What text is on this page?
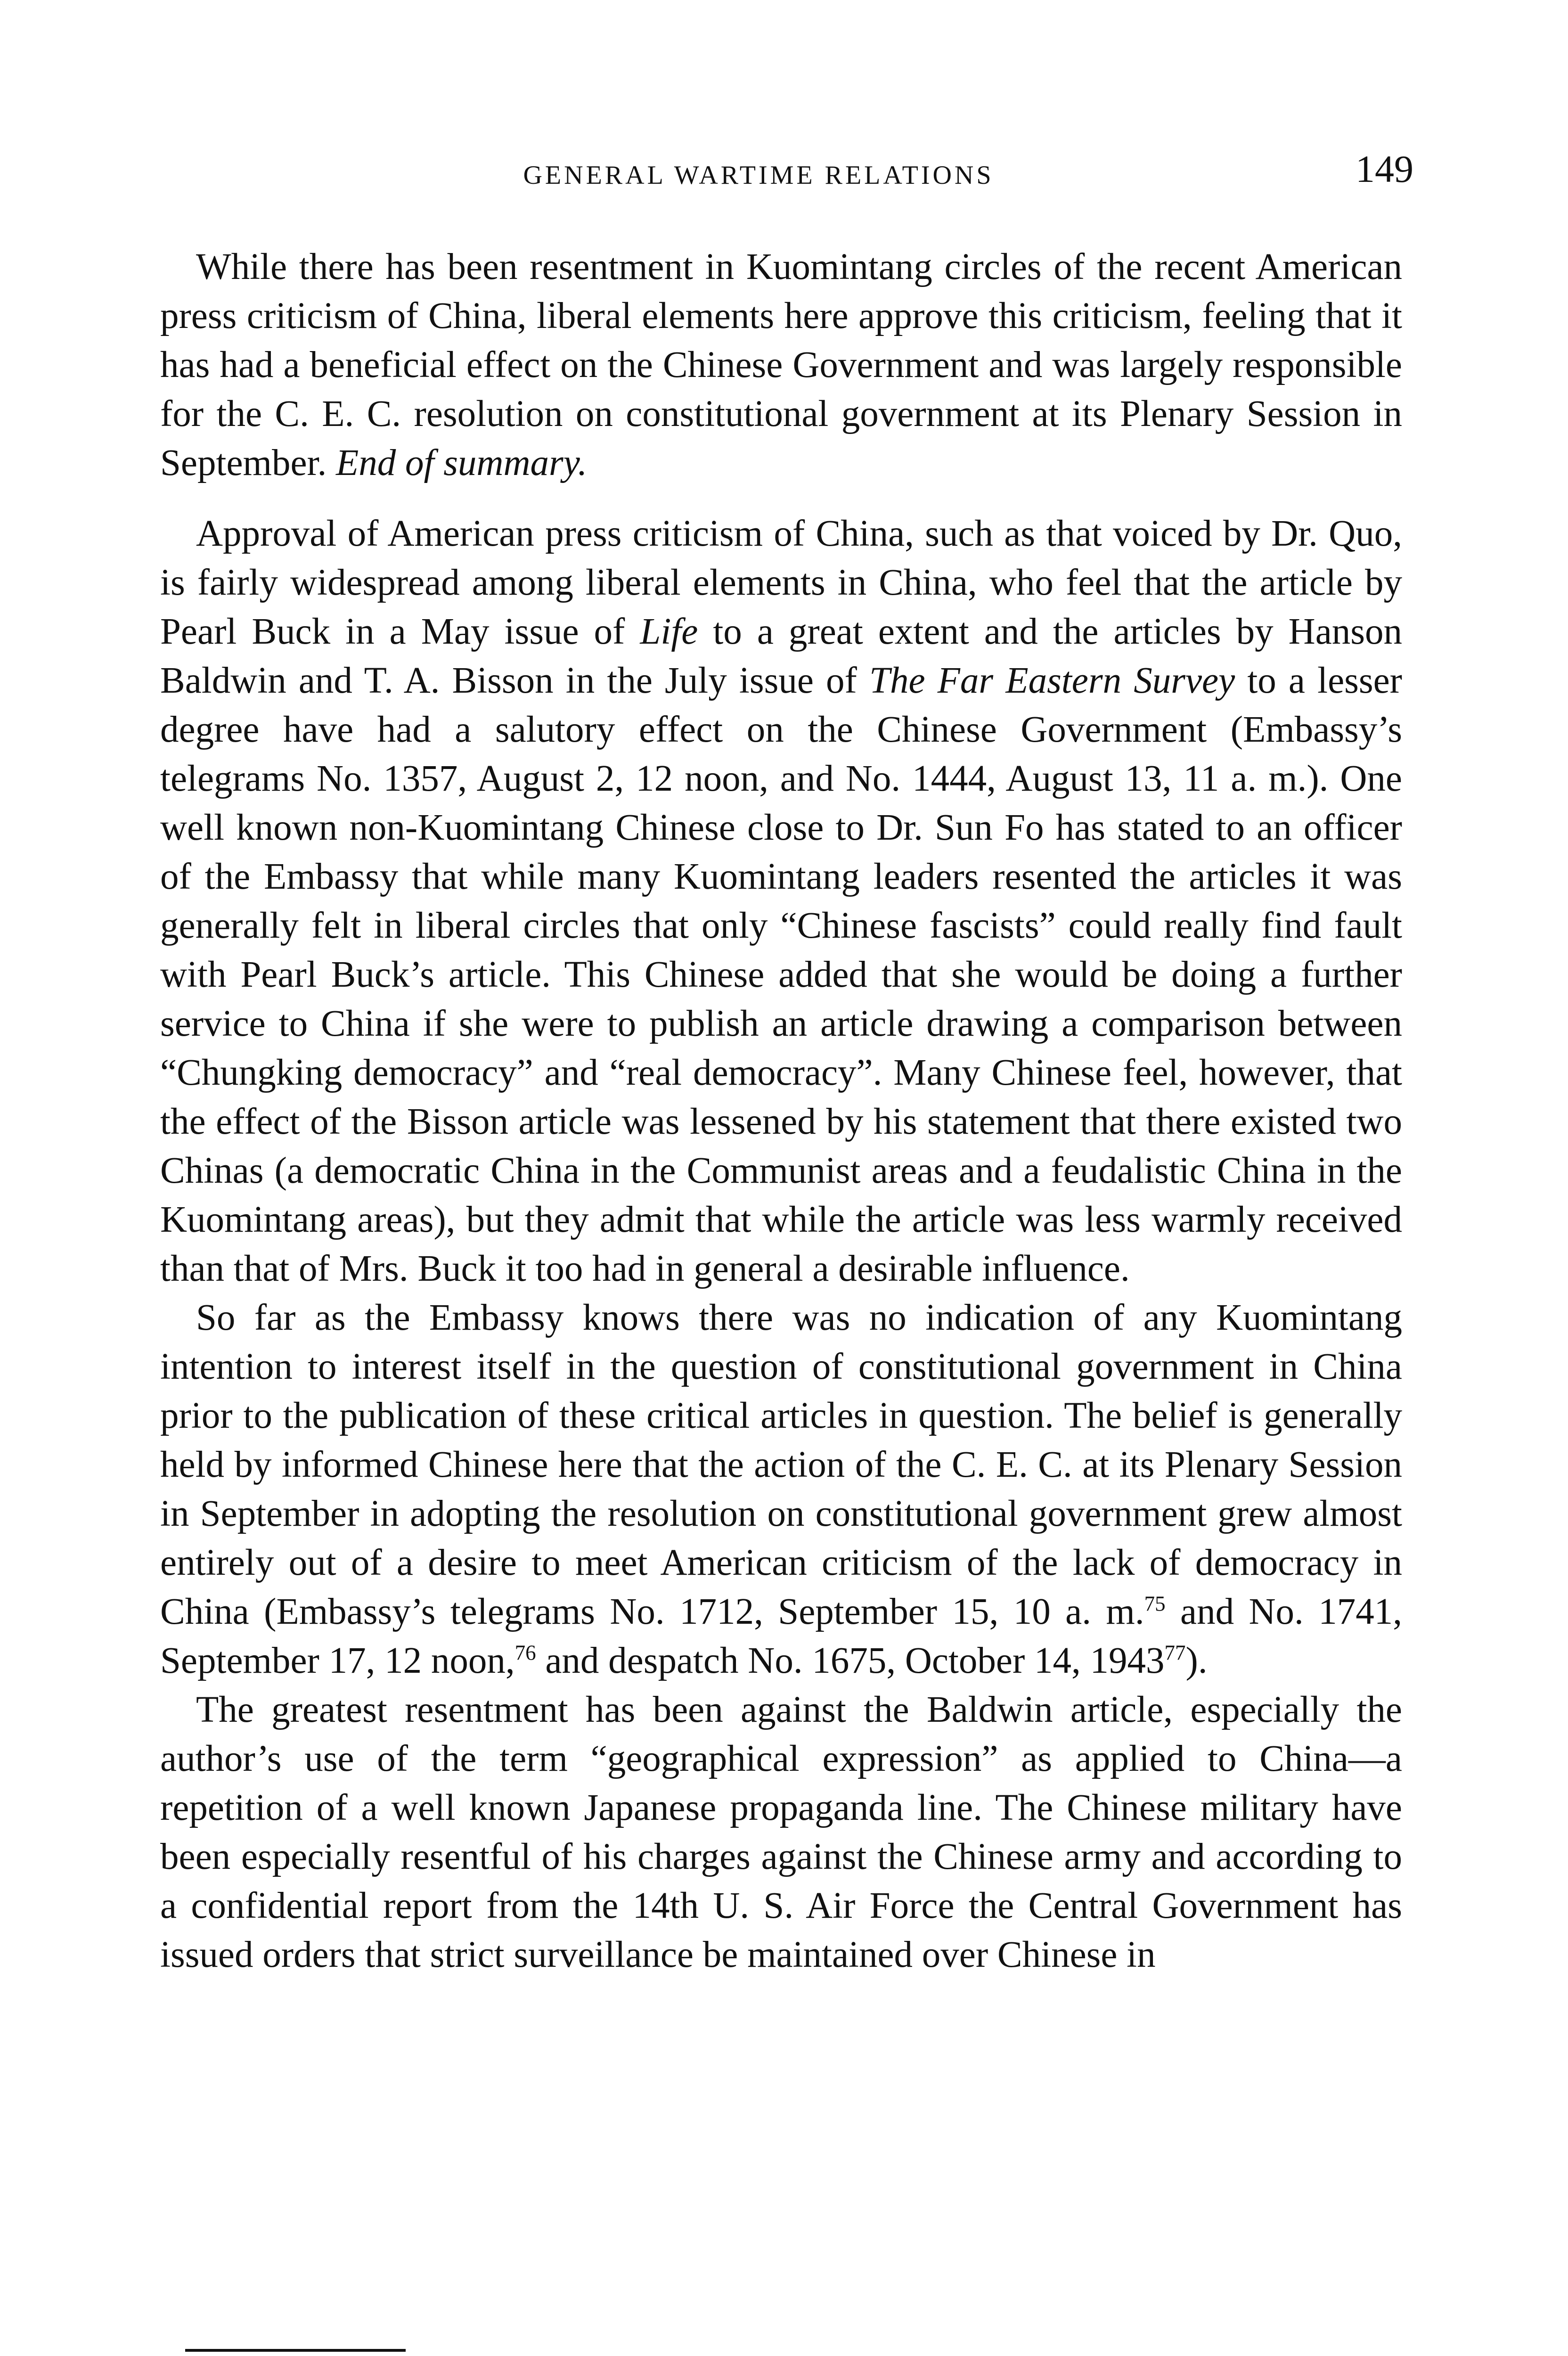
GENERAL WARTIME RELATIONS	149

While there has been resentment in Kuomintang circles of the recent American press criticism of China, liberal elements here approve this criticism, feeling that it has had a beneficial effect on the Chinese Government and was largely responsible for the C. E. C. resolution on constitutional government at its Plenary Session in September. End of summary.

Approval of American press criticism of China, such as that voiced by Dr. Quo, is fairly widespread among liberal elements in China, who feel that the article by Pearl Buck in a May issue of Life to a great extent and the articles by Hanson Baldwin and T. A. Bisson in the July issue of The Far Eastern Survey to a lesser degree have had a salutory effect on the Chinese Government (Embassy’s telegrams No. 1357, August 2, 12 noon, and No. 1444, August 13, 11 a. m.). One well known non-Kuomintang Chinese close to Dr. Sun Fo has stated to an officer of the Embassy that while many Kuomintang leaders resented the articles it was generally felt in liberal circles that only “Chinese fascists” could really find fault with Pearl Buck’s article. This Chinese added that she would be doing a further service to China if she were to publish an article drawing a comparison between “Chungking democracy” and “real democracy”. Many Chinese feel, however, that the effect of the Bisson article was lessened by his statement that there existed two Chinas (a democratic China in the Communist areas and a feudalistic China in the Kuomintang areas), but they admit that while the article was less warmly received than that of Mrs. Buck it too had in general a desirable influence.

So far as the Embassy knows there was no indication of any Kuomintang intention to interest itself in the question of constitutional government in China prior to the publication of these critical articles in question. The belief is generally held by informed Chinese here that the action of the C. E. C. at its Plenary Session in September in adopting the resolution on constitutional government grew almost entirely out of a desire to meet American criticism of the lack of democracy in China (Embassy’s telegrams No. 1712, September 15, 10 a. m.$^{75}$ and No. 1741, September 17, 12 noon,$^{76}$ and despatch No. 1675, October 14, 1943$^{77}$).

The greatest resentment has been against the Baldwin article, especially the author’s use of the term “geographical expression” as applied to China—a repetition of a well known Japanese propaganda line. The Chinese military have been especially resentful of his charges against the Chinese army and according to a confidential report from the 14th U. S. Air Force the Central Government has issued orders that strict surveillance be maintained over Chinese in
